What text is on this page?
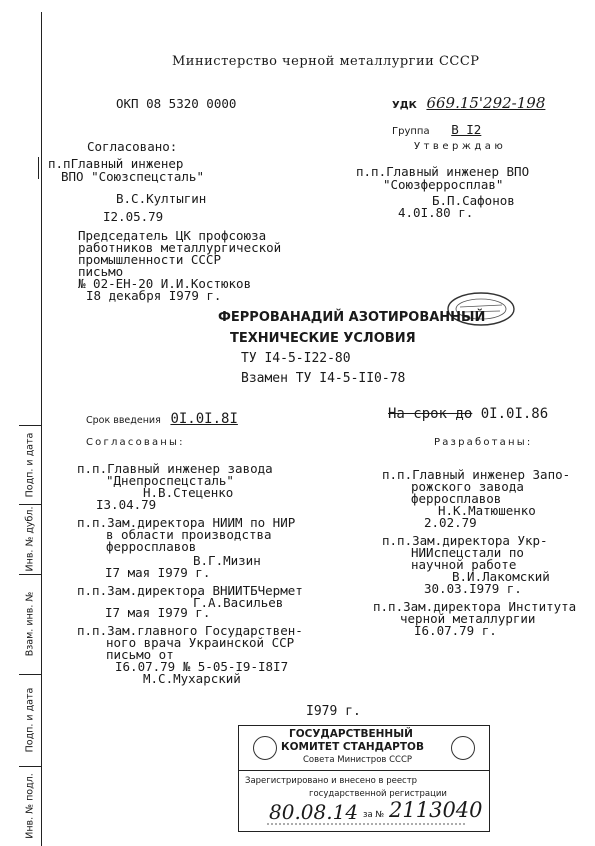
Министерство черной металлургии СССР
ОКП 08 5320 0000	УДК 669.15'292-198
Группа В I2
Согласовано:	Утверждаю
п.пГлавный инженер
ВПО "Союзспецсталь"
В.С.Култыгин
I2.05.79
Председатель ЦК профсоюза
работников металлургической
промышленности СССР
письмо
№ 02-ЕН-20 И.И.Костюков
I8 декабря I979 г.
п.п.Главный инженер ВПО
"Союзферросплав"
Б.П.Сафонов
4.0I.80 г.
ФЕРРОВАНАДИЙ АЗОТИРОВАННЫЙ
ТЕХНИЧЕСКИЕ УСЛОВИЯ
ТУ I4-5-I22-80
Взамен ТУ I4-5-II0-78
Срок введения 0I.0I.8I	На срок до 0I.0I.86
Согласованы:	Разработаны:
п.п.Главный инженер завода
"Днепроспецсталь"
Н.В.Стеценко
I3.04.79
п.п.Зам.директора НИИМ по НИР
в области производства
ферросплавов
В.Г.Мизин
I7 мая I979 г.
п.п.Зам.директора ВНИИТБЧермет
Г.А.Васильев
I7 мая I979 г.
п.п.Зам.главного Государствен-
ного врача Украинской ССР
письмо от
I6.07.79 № 5-05-I9-I8I7
М.С.Мухарский
п.п.Главный инженер Запо-
рожского завода
ферросплавов
Н.К.Матюшенко
2.02.79
п.п.Зам.директора Укр-
НИИспецстали по
научной работе
В.И.Лакомский
30.03.I979 г.
п.п.Зам.директора Института
черной металлургии
I6.07.79 г.
I979 г.
ГОСУДАРСТВЕННЫЙ
КОМИТЕТ СТАНДАРТОВ
Совета Министров СССР
Зарегистрировано и внесено в реестр
государственной регистрации
80.08.14 за № 2113040
Подп. и дата
Инв. № дубл.
Взам. инв. №
Подп. и дата
Инв. № подл.
